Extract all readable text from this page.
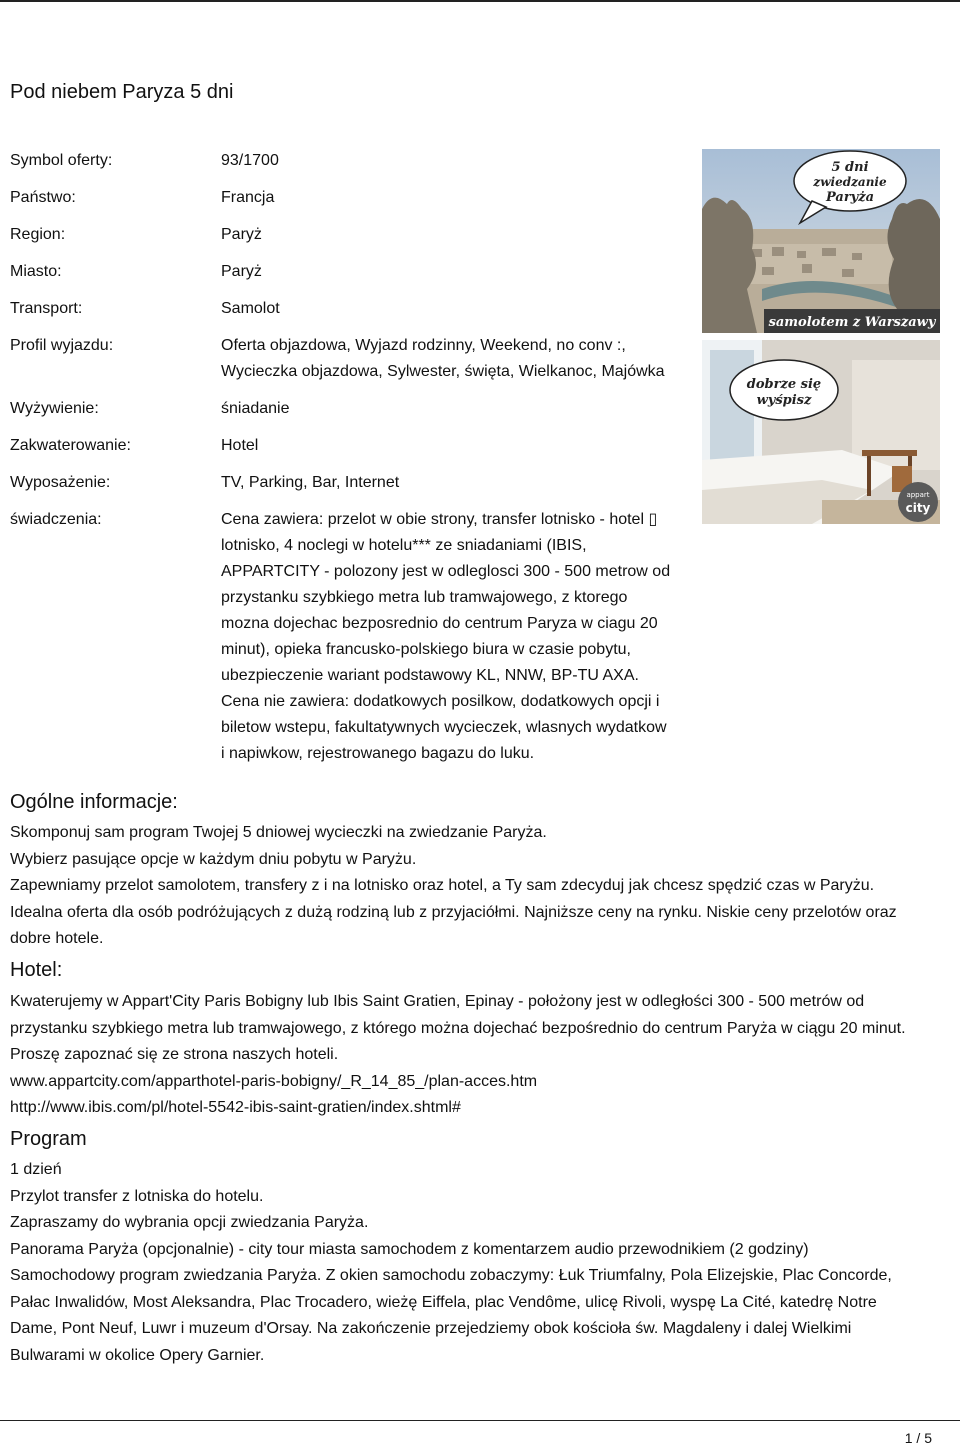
Pod niebem Paryza 5 dni
Symbol oferty:	93/1700
Państwo:	Francja
Region:	Paryż
Miasto:	Paryż
Transport:	Samolot
Profil wyjazdu:	Oferta objazdowa, Wyjazd rodzinny, Weekend, no conv :,
Wycieczka objazdowa, Sylwester, święta, Wielkanoc, Majówka
Wyżywienie:	śniadanie
Zakwaterowanie:	Hotel
Wyposażenie:	TV, Parking, Bar, Internet
świadczenia:	Cena zawiera: przelot w obie strony, transfer lotnisko - hotel ▯
lotnisko, 4 noclegi w hotelu*** ze sniadaniami (IBIS,
APPARTCITY - polozony jest w odleglosci 300 - 500 metrow od
przystanku szybkiego metra lub tramwajowego, z ktorego
mozna dojechac bezposrednio do centrum Paryza w ciagu 20
minut), opieka francusko-polskiego biura w czasie pobytu,
ubezpieczenie wariant podstawowy KL, NNW, BP-TU AXA.
Cena nie zawiera: dodatkowych posilkow, dodatkowych opcji i
biletow wstepu, fakultatywnych wycieczek, wlasnych wydatkow
i napiwkow, rejestrowanego bagazu do luku.
5 dni
zwiedzanie
Paryża
samolotem z Warszawy
dobrze się
wyśpisz
appart
city
Ogólne informacje:

Skomponuj sam program Twojej 5 dniowej wycieczki na zwiedzanie Paryża.

Wybierz pasujące opcje w każdym dniu pobytu w Paryżu.

Zapewniamy przelot samolotem, transfery z i na lotnisko oraz hotel, a Ty sam zdecyduj jak chcesz spędzić czas w Paryżu.

Idealna oferta dla osób podróżujących z dużą rodziną lub z przyjaciółmi. Najniższe ceny na rynku. Niskie ceny przelotów oraz

dobre hotele.

Hotel:

Kwaterujemy w Appart'City Paris Bobigny lub Ibis Saint Gratien, Epinay - położony jest w odległości 300 - 500 metrów od

przystanku szybkiego metra lub tramwajowego, z którego można dojechać bezpośrednio do centrum Paryża w ciągu 20 minut.

Proszę zapoznać się ze strona naszych hoteli.

www.appartcity.com/apparthotel-paris-bobigny/_R_14_85_/plan-acces.htm

http://www.ibis.com/pl/hotel-5542-ibis-saint-gratien/index.shtml#

Program

1 dzień

Przylot transfer z lotniska do hotelu.

Zapraszamy do wybrania opcji zwiedzania Paryża.

Panorama Paryża (opcjonalnie) - city tour miasta samochodem z komentarzem audio przewodnikiem (2 godziny)

Samochodowy program zwiedzania Paryża. Z okien samochodu zobaczymy: Łuk Triumfalny, Pola Elizejskie, Plac Concorde,

Pałac Inwalidów, Most Aleksandra, Plac Trocadero, wieżę Eiffela, plac Vendôme, ulicę Rivoli, wyspę La Cité, katedrę Notre

Dame, Pont Neuf, Luwr i muzeum d'Orsay. Na zakończenie przejedziemy obok kościoła św. Magdaleny i dalej Wielkimi

Bulwarami w okolice Opery Garnier.

1 / 5
